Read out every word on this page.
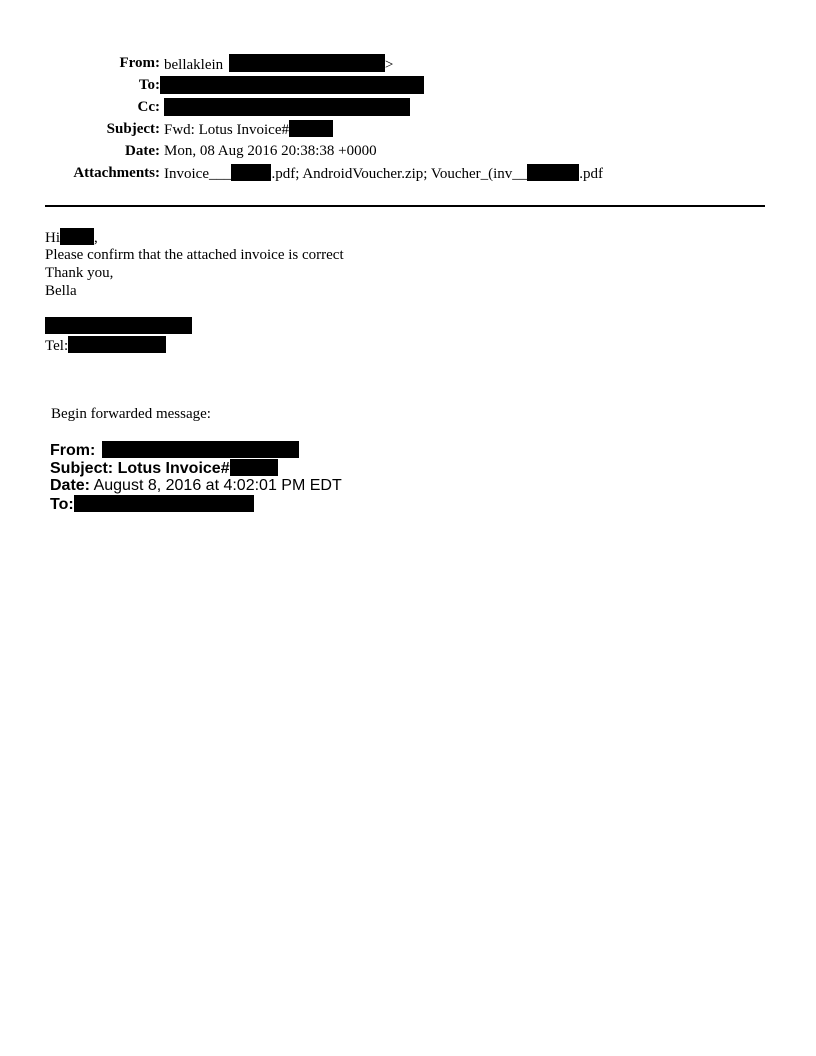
From: bellaklein	>
To:
Cc:
Subject: Fwd: Lotus Invoice#
Date: Mon, 08 Aug 2016 20:38:38 +0000
Attachments: Invoice___	.pdf; AndroidVoucher.zip; Voucher_(inv__	.pdf
Hi ,
Please confirm that the attached invoice is correct
Thank you,
Bella
Tel:
Begin forwarded message:
From:
Subject: Lotus Invoice#
Date: August 8, 2016 at 4:02:01 PM EDT
To:
